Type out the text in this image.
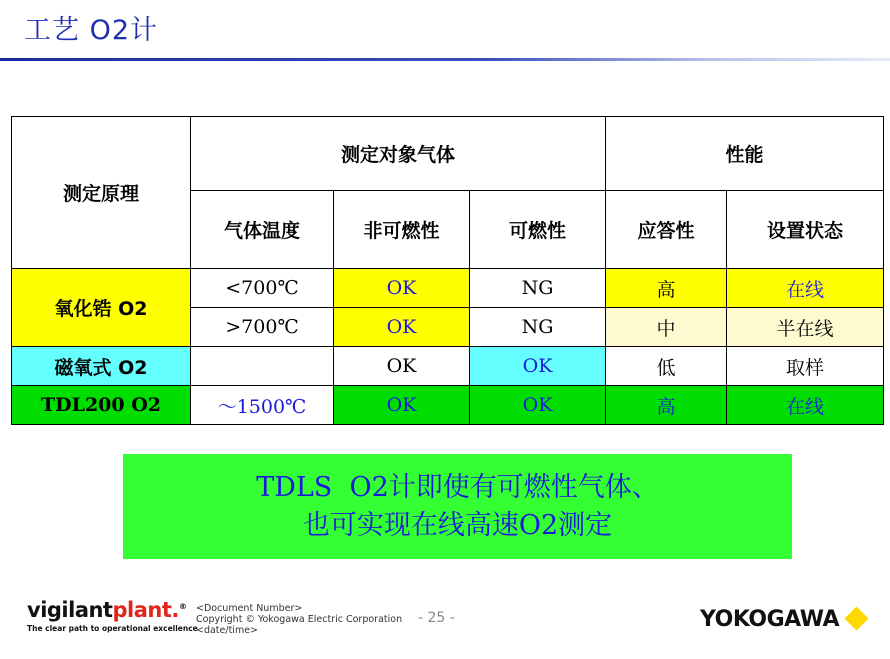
工艺 O2计
测定原理	测定对象气体			性能	
	气体温度	非可燃性	可燃性	应答性	设置状态
氧化锆 O2	<700℃	OK	NG	高	在线
	>700℃	OK	NG	中	半在线
磁氧式 O2		OK	OK	低	取样
TDL200 O2	～1500℃	OK	OK	高	在线
TDLS  O2计即使有可燃性气体、
也可实现在线高速O2测定
vigilantplant.®
The clear path to operational excellence
<Document Number>
Copyright © Yokogawa Electric Corporation
<date/time>
- 25 -	YOKOGAWA
